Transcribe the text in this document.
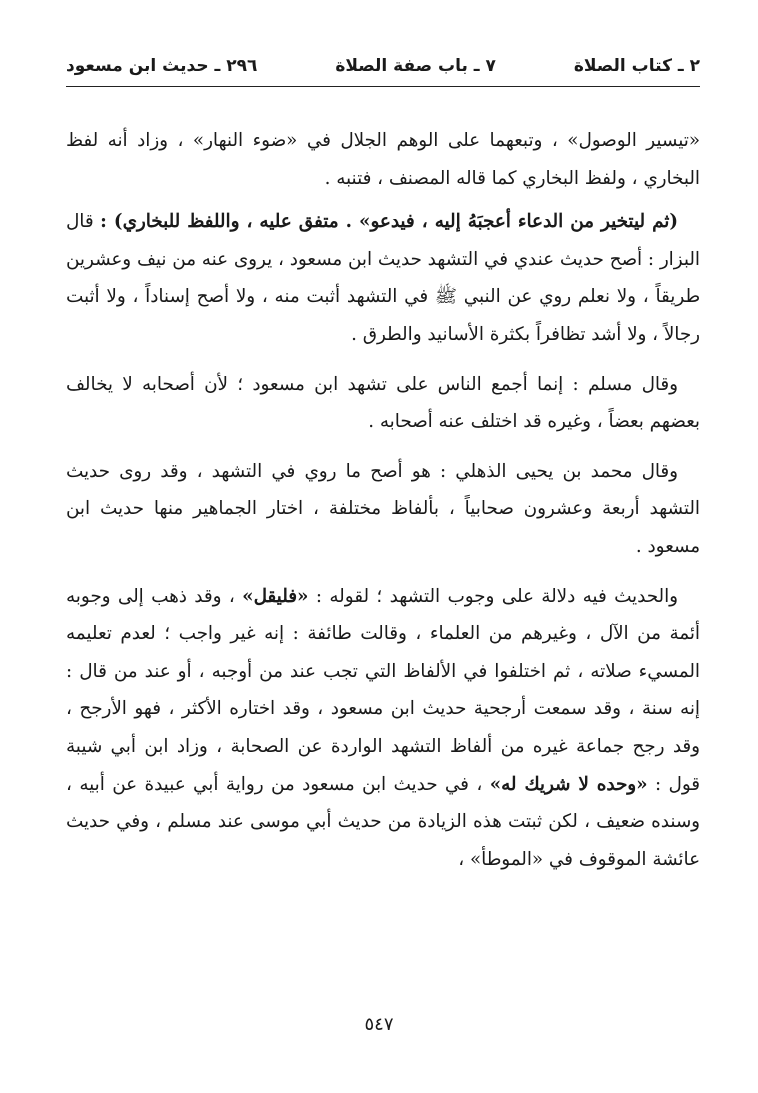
٢ ـ كتاب الصلاة
٧ ـ باب صفة الصلاة
٢٩٦ ـ حديث ابن مسعود

«تيسير الوصول» ، وتبعهما على الوهم الجلال في «ضوء النهار» ، وزاد أنه لفظ البخاري ، ولفظ البخاري كما قاله المصنف ، فتنبه .

(ثم ليتخير من الدعاء أعجبَهُ إليه ، فيدعو» . متفق عليه ، واللفظ للبخاري) : قال البزار : أصح حديث عندي في التشهد حديث ابن مسعود ، يروى عنه من نيف وعشرين طريقاً ، ولا نعلم روي عن النبي ﷺ في التشهد أثبت منه ، ولا أصح إسناداً ، ولا أثبت رجالاً ، ولا أشد تظافراً بكثرة الأسانيد والطرق .

وقال مسلم : إنما أجمع الناس على تشهد ابن مسعود ؛ لأن أصحابه لا يخالف بعضهم بعضاً ، وغيره قد اختلف عنه أصحابه .

وقال محمد بن يحيى الذهلي : هو أصح ما روي في التشهد ، وقد روى حديث التشهد أربعة وعشرون صحابياً ، بألفاظ مختلفة ، اختار الجماهير منها حديث ابن مسعود .

والحديث فيه دلالة على وجوب التشهد ؛ لقوله : «فليقل» ، وقد ذهب إلى وجوبه أئمة من الآل ، وغيرهم من العلماء ، وقالت طائفة : إنه غير واجب ؛ لعدم تعليمه المسيء صلاته ، ثم اختلفوا في الألفاظ التي تجب عند من أوجبه ، أو عند من قال : إنه سنة ، وقد سمعت أرجحية حديث ابن مسعود ، وقد اختاره الأكثر ، فهو الأرجح ، وقد رجح جماعة غيره من ألفاظ التشهد الواردة عن الصحابة ، وزاد ابن أبي شيبة قول : «وحده لا شريك له» ، في حديث ابن مسعود من رواية أبي عبيدة عن أبيه ، وسنده ضعيف ، لكن ثبتت هذه الزيادة من حديث أبي موسى عند مسلم ، وفي حديث عائشة الموقوف في «الموطأ» ،

٥٤٧
